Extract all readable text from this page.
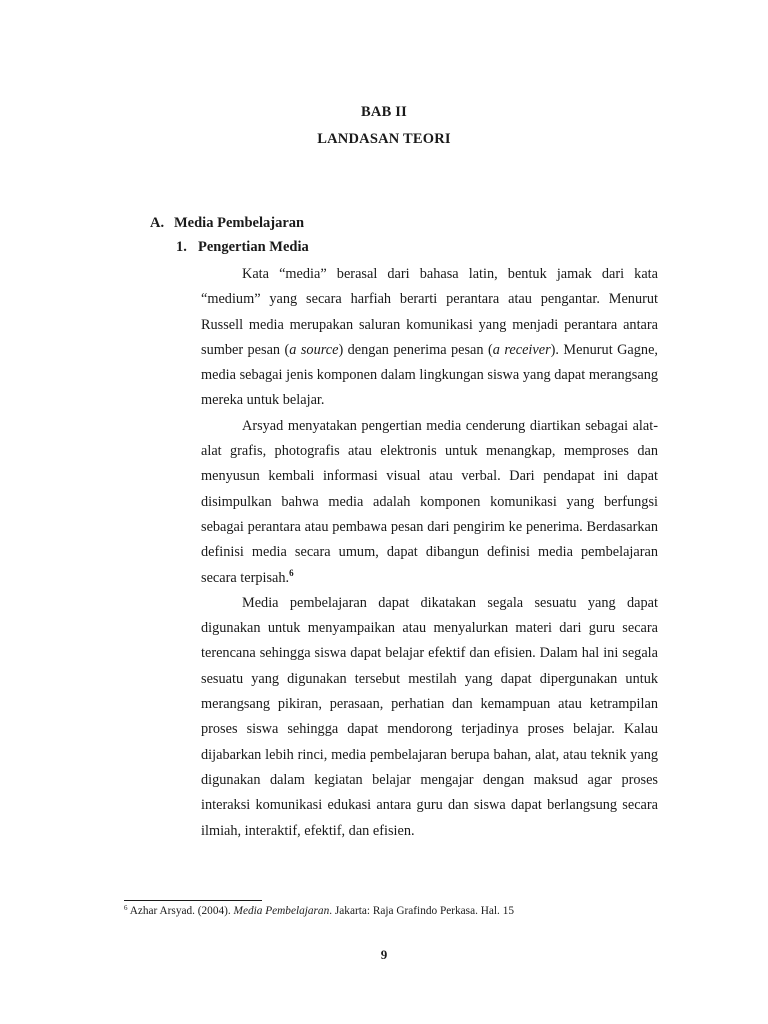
BAB II
LANDASAN TEORI
A. Media Pembelajaran
1. Pengertian Media

Kata “media” berasal dari bahasa latin, bentuk jamak dari kata “medium” yang secara harfiah berarti perantara atau pengantar. Menurut Russell media merupakan saluran komunikasi yang menjadi perantara antara sumber pesan (a source) dengan penerima pesan (a receiver). Menurut Gagne, media sebagai jenis komponen dalam lingkungan siswa yang dapat merangsang mereka untuk belajar.

Arsyad menyatakan pengertian media cenderung diartikan sebagai alat-alat grafis, photografis atau elektronis untuk menangkap, memproses dan menyusun kembali informasi visual atau verbal. Dari pendapat ini dapat disimpulkan bahwa media adalah komponen komunikasi yang berfungsi sebagai perantara atau pembawa pesan dari pengirim ke penerima. Berdasarkan definisi media secara umum, dapat dibangun definisi media pembelajaran secara terpisah.$^6$

Media pembelajaran dapat dikatakan segala sesuatu yang dapat digunakan untuk menyampaikan atau menyalurkan materi dari guru secara terencana sehingga siswa dapat belajar efektif dan efisien. Dalam hal ini segala sesuatu yang digunakan tersebut mestilah yang dapat dipergunakan untuk merangsang pikiran, perasaan, perhatian dan kemampuan atau ketrampilan proses siswa sehingga dapat mendorong terjadinya proses belajar. Kalau dijabarkan lebih rinci, media pembelajaran berupa bahan, alat, atau teknik yang digunakan dalam kegiatan belajar mengajar dengan maksud agar proses interaksi komunikasi edukasi antara guru dan siswa dapat berlangsung secara ilmiah, interaktif, efektif, dan efisien.

$^6$ Azhar Arsyad. (2004). Media Pembelajaran. Jakarta: Raja Grafindo Perkasa. Hal. 15
9
